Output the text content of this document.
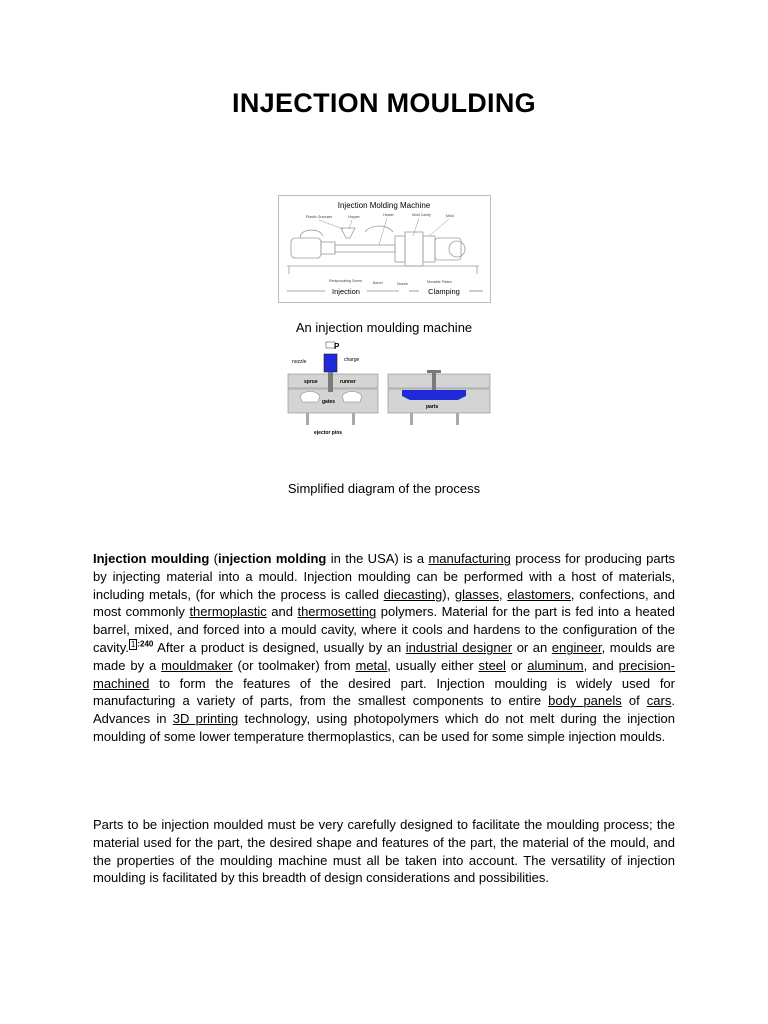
INJECTION MOULDING
Injection Molding Machine
Plastic Granules	Hopper	Heater	Mold Cavity	Mold
Reciprocating Screw	Barrel	Nozzle	Movable Platen
Injection	Clamping
An injection moulding machine
P
nozzle	charge
sprue	runner
gates
ejector pins
parts
Simplified diagram of the process
Injection moulding (injection molding in the USA) is a manufacturing process for producing parts by injecting material into a mould. Injection moulding can be performed with a host of materials, including metals, (for which the process is called diecasting), glasses, elastomers, confections, and most commonly thermoplastic and thermosetting polymers. Material for the part is fed into a heated barrel, mixed, and forced into a mould cavity, where it cools and hardens to the configuration of the cavity. $^{1 :240}$ After a product is designed, usually by an industrial designer or an engineer, moulds are made by a mouldmaker (or toolmaker) from metal, usually either steel or aluminum, and precision-machined to form the features of the desired part. Injection moulding is widely used for manufacturing a variety of parts, from the smallest components to entire body panels of cars. Advances in 3D printing technology, using photopolymers which do not melt during the injection moulding of some lower temperature thermoplastics, can be used for some simple injection moulds.
Parts to be injection moulded must be very carefully designed to facilitate the moulding process; the material used for the part, the desired shape and features of the part, the material of the mould, and the properties of the moulding machine must all be taken into account. The versatility of injection moulding is facilitated by this breadth of design considerations and possibilities.
